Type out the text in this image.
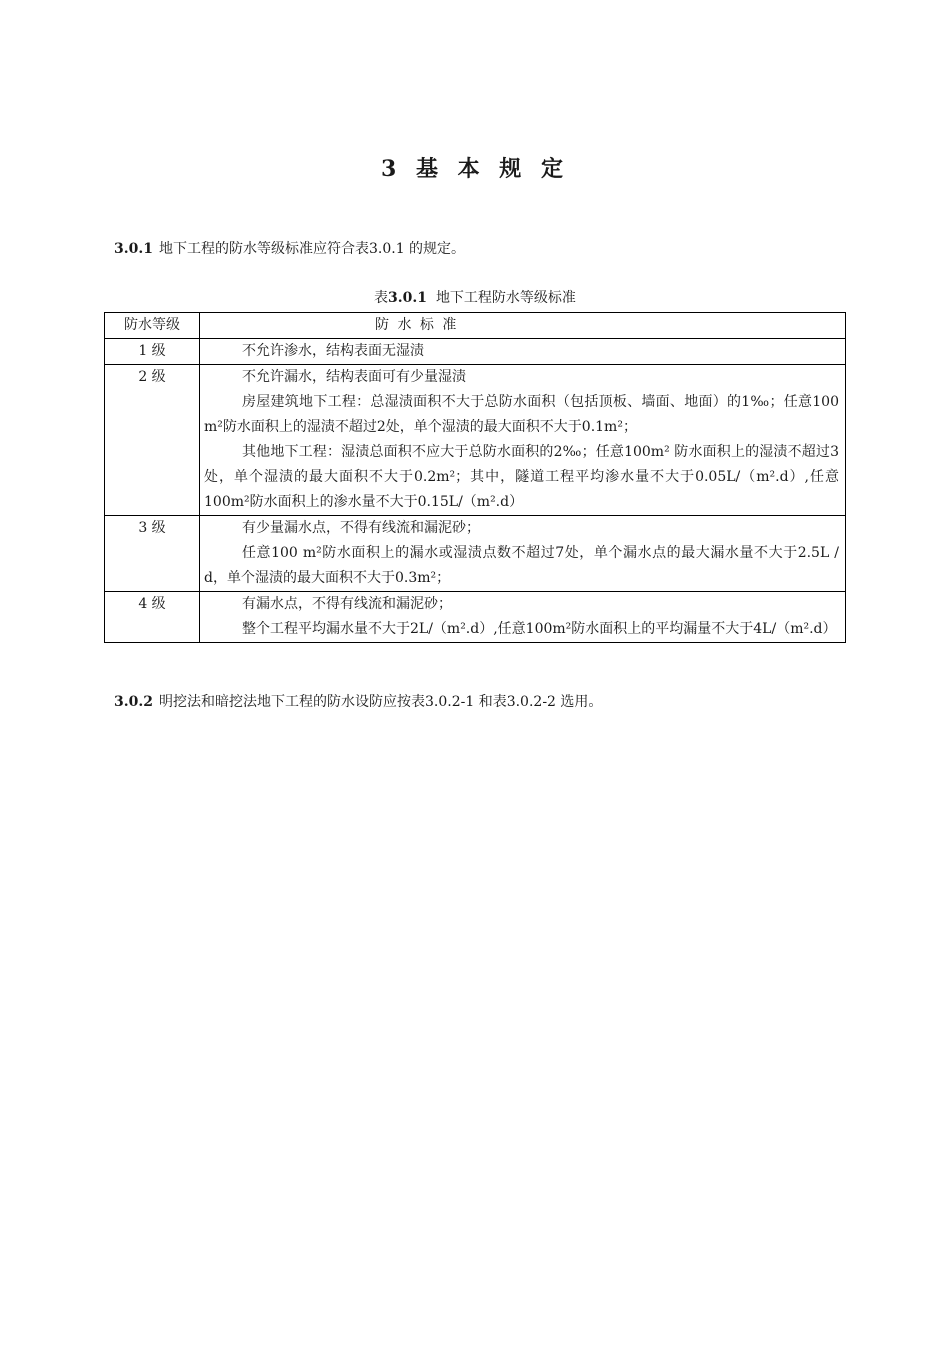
3 基 本 规 定
3.0.1 地下工程的防水等级标准应符合表3.0.1 的规定。
表3.0.1 地下工程防水等级标准
防水等级	防 水 标 准
1 级	不允许渗水，结构表面无湿渍

2 级	不允许漏水，结构表面可有少量湿渍

房屋建筑地下工程：总湿渍面积不大于总防水面积（包括顶板、墙面、地面）的1‰；任意100 m²防水面积上的湿渍不超过2处，单个湿渍的最大面积不大于0.1m²；

其他地下工程：湿渍总面积不应大于总防水面积的2‰；任意100m² 防水面积上的湿渍不超过3处，单个湿渍的最大面积不大于0.2m²；其中，隧道工程平均渗水量不大于0.05L/（m².d）,任意100m²防水面积上的渗水量不大于0.15L/（m².d）

3 级	有少量漏水点，不得有线流和漏泥砂；

任意100 m²防水面积上的漏水或湿渍点数不超过7处，单个漏水点的最大漏水量不大于2.5L / d，单个湿渍的最大面积不大于0.3m²；

4 级	有漏水点，不得有线流和漏泥砂；

整个工程平均漏水量不大于2L/（m².d）,任意100m²防水面积上的平均漏量不大于4L/（m².d）

3.0.2 明挖法和暗挖法地下工程的防水设防应按表3.0.2-1 和表3.0.2-2 选用。
